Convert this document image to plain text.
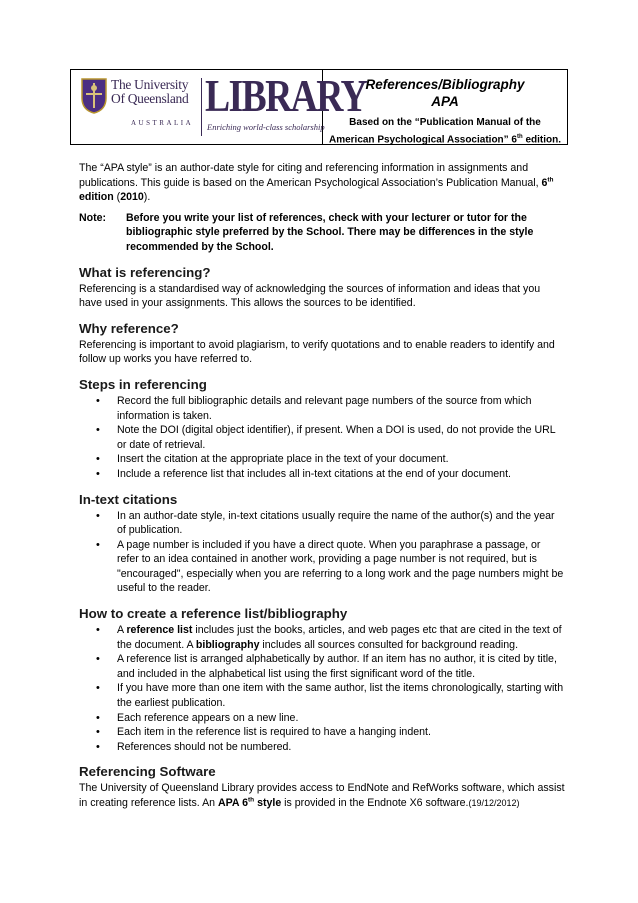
The University
Of Queensland
AUSTRALIA
LIBRARY
Enriching world-class scholarship
References/Bibliography
APA
Based on the “Publication Manual of the
American Psychological Association” 6th edition.

The “APA style” is an author-date style for citing and referencing information in assignments and publications. This guide is based on the American Psychological Association’s Publication Manual, 6th
edition (2010).

Note:	Before you write your list of references, check with your lecturer or tutor for the bibliographic style preferred by the School. There may be differences in the style recommended by the School.
What is referencing?

Referencing is a standardised way of acknowledging the sources of information and ideas that you have used in your assignments. This allows the sources to be identified.

Why reference?

Referencing is important to avoid plagiarism, to verify quotations and to enable readers to identify and follow up works you have referred to.

Steps in referencing
• Record the full bibliographic details and relevant page numbers of the source from which information is taken.
• Note the DOI (digital object identifier), if present. When a DOI is used, do not provide the URL or date of retrieval.
• Insert the citation at the appropriate place in the text of your document.
• Include a reference list that includes all in-text citations at the end of your document.
In-text citations
• In an author-date style, in-text citations usually require the name of the author(s) and the year of publication.
• A page number is included if you have a direct quote. When you paraphrase a passage, or refer to an idea contained in another work, providing a page number is not required, but is "encouraged", especially when you are referring to a long work and the page numbers might be useful to the reader.
How to create a reference list/bibliography
• A reference list includes just the books, articles, and web pages etc that are cited in the text of the document. A bibliography includes all sources consulted for background reading.
• A reference list is arranged alphabetically by author. If an item has no author, it is cited by title, and included in the alphabetical list using the first significant word of the title.
• If you have more than one item with the same author, list the items chronologically, starting with the earliest publication.
• Each reference appears on a new line.
• Each item in the reference list is required to have a hanging indent.
• References should not be numbered.
Referencing Software

The University of Queensland Library provides access to EndNote and RefWorks software, which assist in creating reference lists. An APA 6th style is provided in the Endnote X6 software.(19/12/2012)
